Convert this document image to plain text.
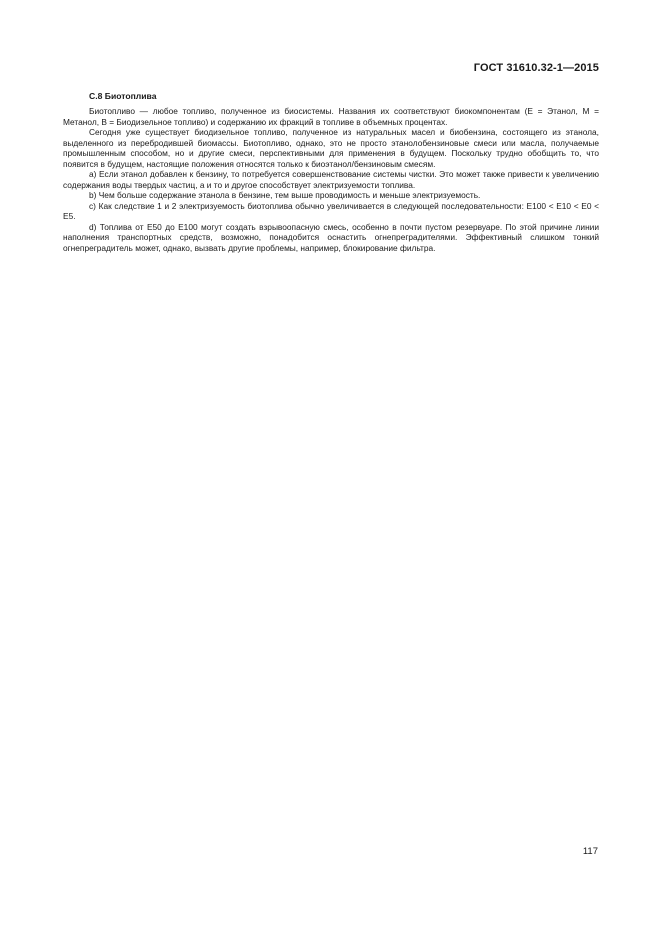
ГОСТ 31610.32-1—2015
С.8 Биотоплива

Биотопливо — любое топливо, полученное из биосистемы. Названия их соответствуют биокомпонентам (Е = Этанол, М = Метанол, В = Биодизельное топливо) и содержанию их фракций в топливе в объемных процентах.

Сегодня уже существует биодизельное топливо, полученное из натуральных масел и биобензина, состоящего из этанола, выделенного из перебродившей биомассы. Биотопливо, однако, это не просто этанолобензиновые смеси или масла, получаемые промышленным способом, но и другие смеси, перспективными для применения в будущем. Поскольку трудно обобщить то, что появится в будущем, настоящие положения относятся только к биоэтанол/бензиновым смесям.

а) Если этанол добавлен к бензину, то потребуется совершенствование системы чистки. Это может также привести к увеличению содержания воды твердых частиц, а и то и другое способствует электризуемости топлива.

b) Чем больше содержание этанола в бензине, тем выше проводимость и меньше электризуемость.

с) Как следствие 1 и 2 электризуемость биотоплива обычно увеличивается в следующей последовательности: Е100 < Е10 < Е0 < Е5.

d) Топлива от Е50 до Е100 могут создать взрывоопасную смесь, особенно в почти пустом резервуаре. По этой причине линии наполнения транспортных средств, возможно, понадобится оснастить огнепреградителями. Эффективный слишком тонкий огнепреградитель может, однако, вызвать другие проблемы, например, блокирование фильтра.

117
